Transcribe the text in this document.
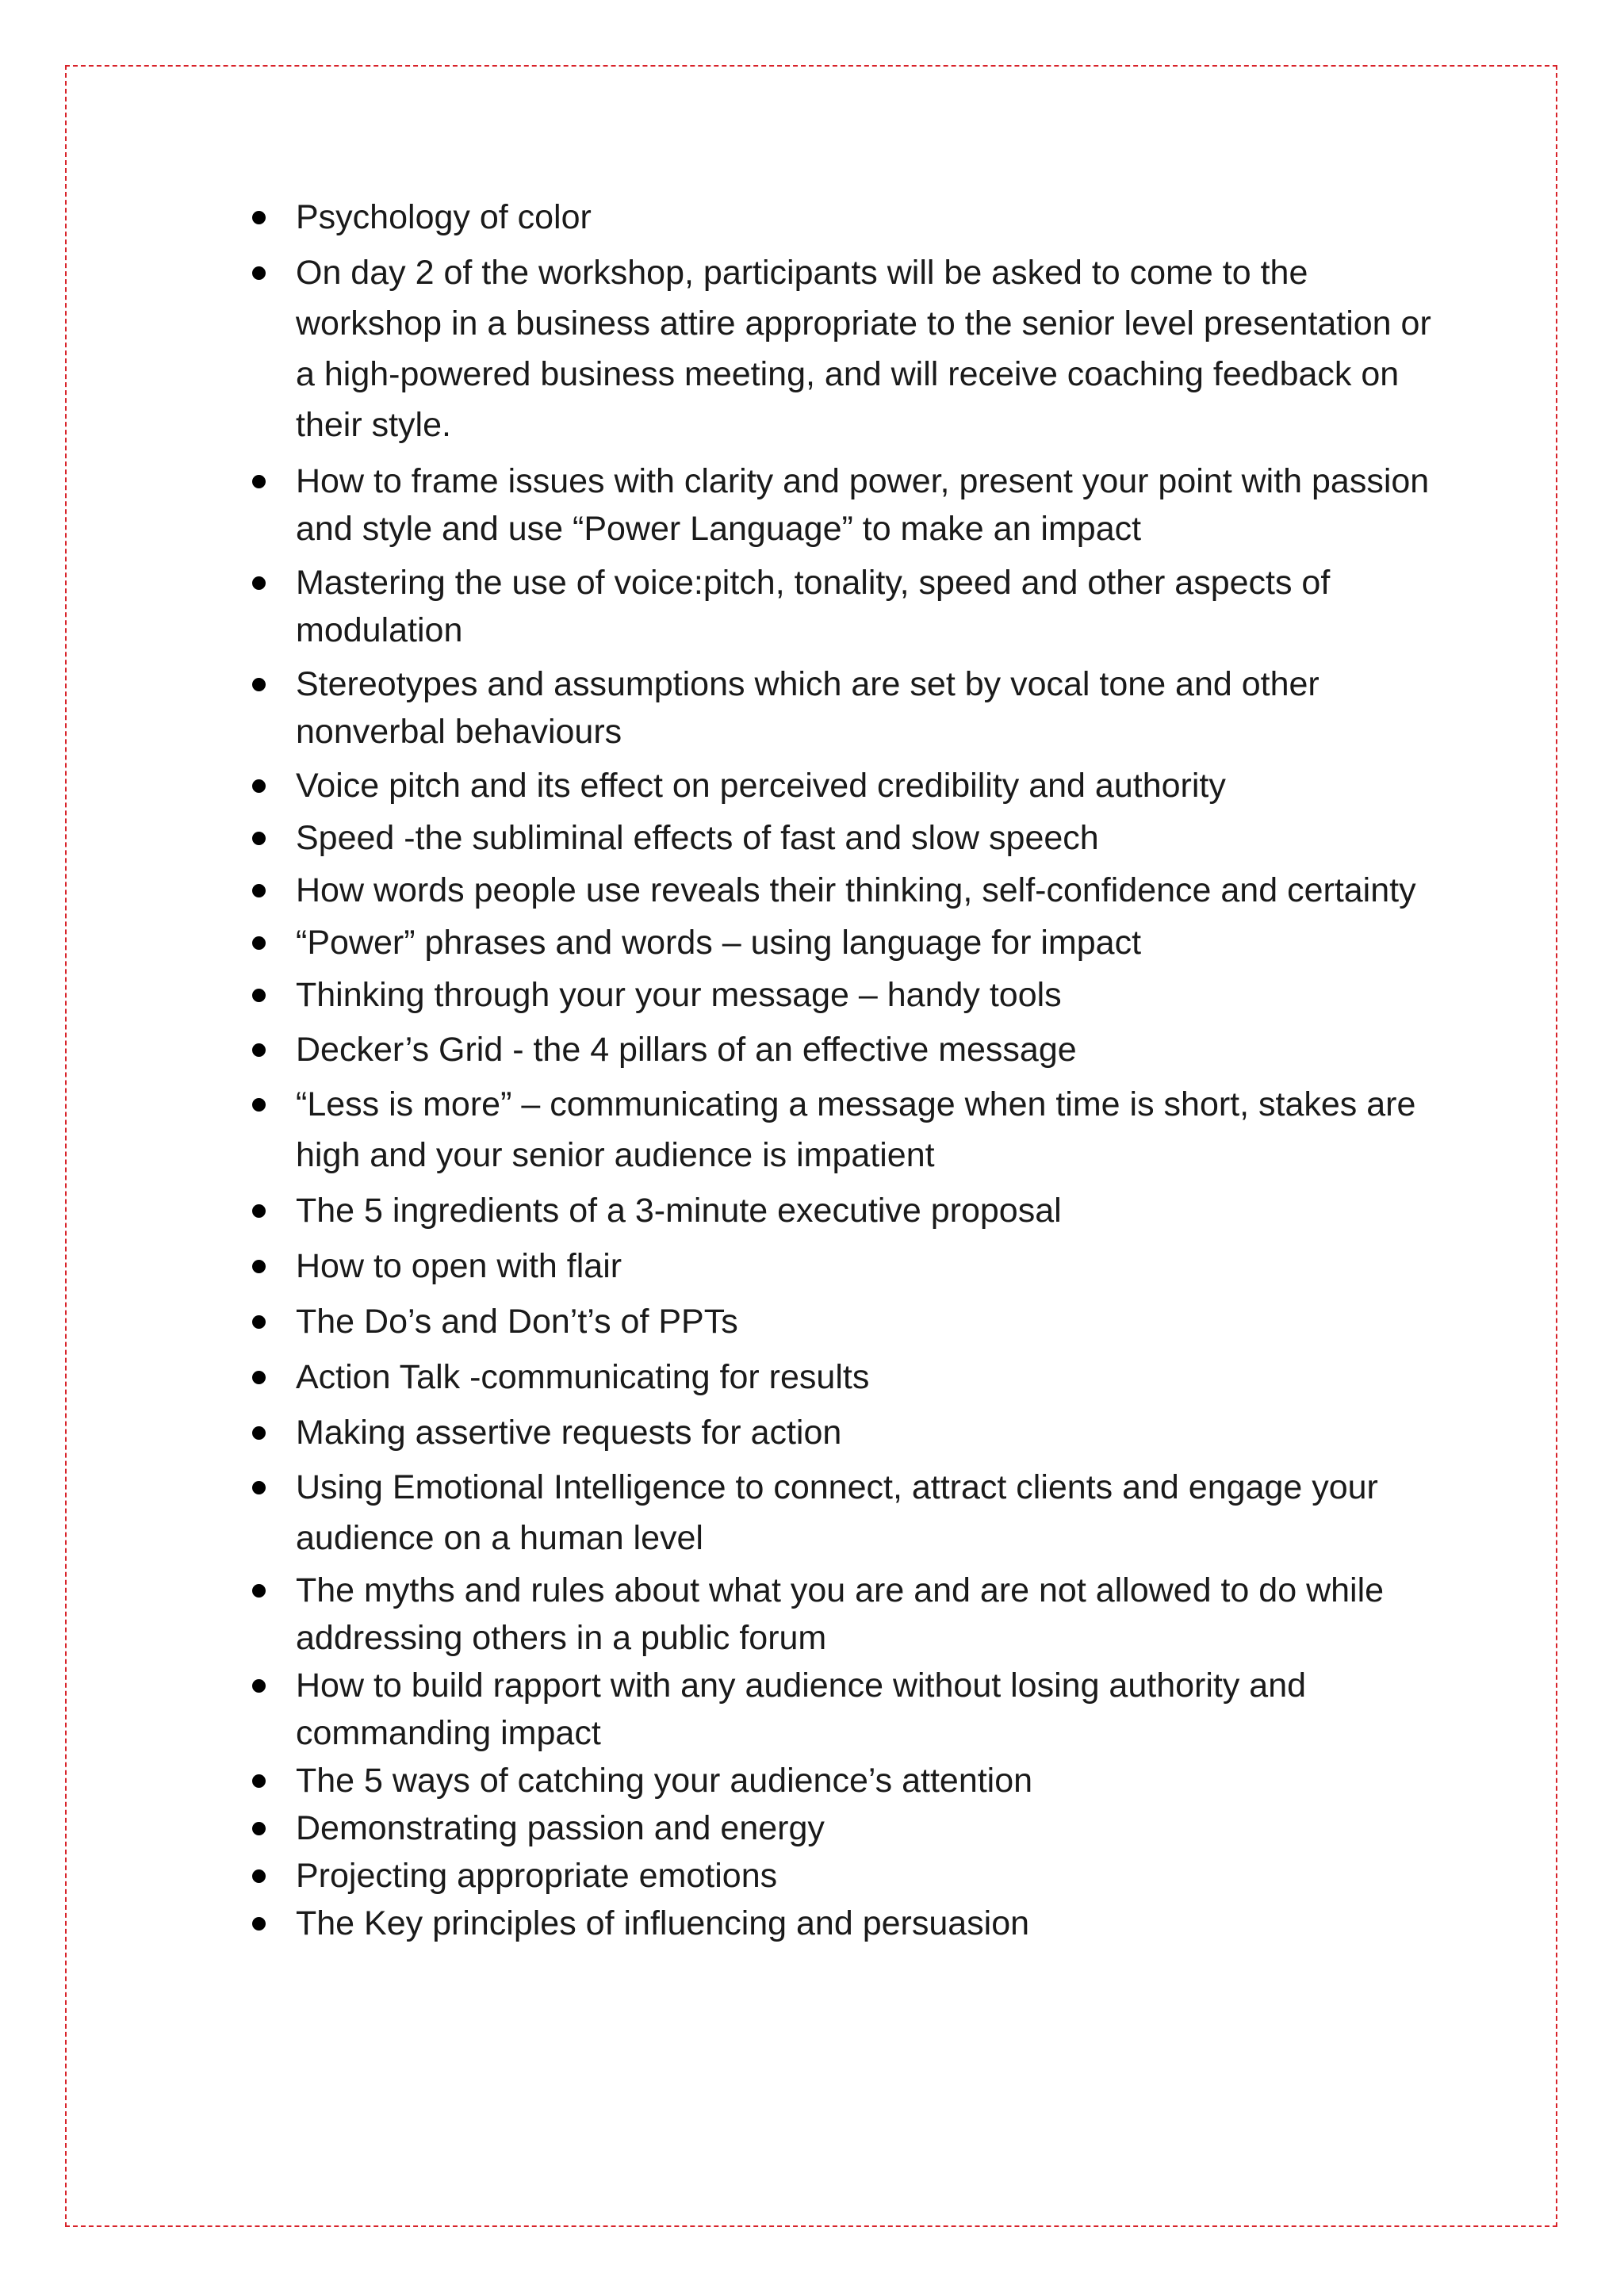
Psychology of color
On day 2 of the workshop, participants will be asked to come to the workshop in a business attire appropriate to the senior level presentation or a high-powered business meeting, and will receive coaching feedback on their style.
How to frame issues with clarity and power, present your point with passion and style and use “Power Language” to make an impact
Mastering the use of voice:pitch, tonality, speed and other aspects of modulation
Stereotypes and assumptions which are set by vocal tone and other nonverbal behaviours
Voice pitch and its effect on perceived credibility and authority
Speed -the subliminal effects of fast and slow speech
How words people use reveals their thinking, self-confidence and certainty
“Power” phrases and words – using language for impact
Thinking through your your message – handy tools
Decker’s Grid - the 4 pillars of an effective message
“Less is more” – communicating a message when time is short, stakes are high and your senior audience is impatient
The 5 ingredients of a 3-minute executive proposal
How to open with flair
The Do’s and Don’t’s of PPTs
Action Talk -communicating for results
Making assertive requests for action
Using Emotional Intelligence to connect, attract clients and engage your audience on a human level
The myths and rules about what you are and are not allowed to do while addressing others in a public forum
How to build rapport with any audience without losing authority and commanding impact
The 5 ways of catching your audience’s attention
Demonstrating passion and energy
Projecting appropriate emotions
The Key principles of influencing and persuasion
